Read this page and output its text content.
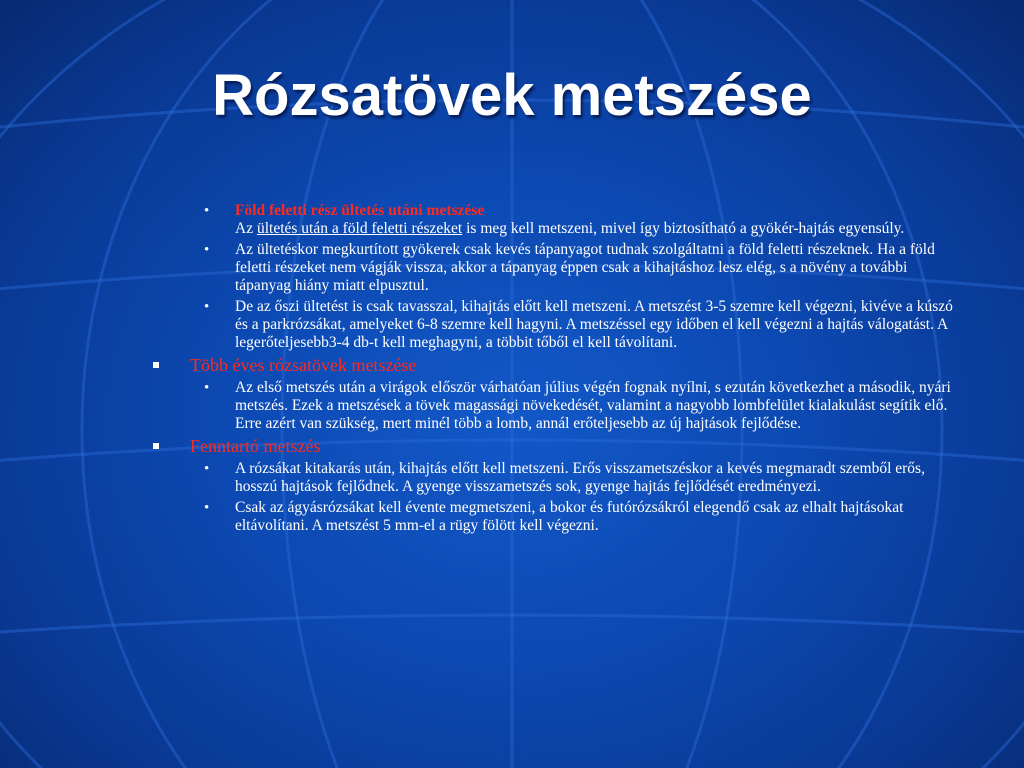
Rózsatövek metszése
• Föld feletti rész ültetés utáni metszése
Az ültetés után a föld feletti részeket is meg kell metszeni, mivel így biztosítható a gyökér-hajtás egyensúly.
• Az ültetéskor megkurtított gyökerek csak kevés tápanyagot tudnak szolgáltatni a föld feletti részeknek. Ha a föld feletti részeket nem vágják vissza, akkor a tápanyag éppen csak a kihajtáshoz lesz elég, s a növény a további tápanyag hiány miatt elpusztul.
• De az őszi ültetést is csak tavasszal, kihajtás előtt kell metszeni. A metszést 3-5 szemre kell végezni, kivéve a kúszó és a parkrózsákat, amelyeket 6-8 szemre kell hagyni. A metszéssel egy időben el kell végezni a hajtás válogatást. A legerőteljesebb3-4 db-t kell meghagyni, a többit tőből el kell távolítani.
Több éves rózsatövek metszése
• Az első metszés után a virágok először várhatóan július végén fognak nyílni, s ezután következhet a második, nyári metszés. Ezek a metszések a tövek magassági növekedését, valamint a nagyobb lombfelület kialakulást segítik elő. Erre azért van szükség, mert minél több a lomb, annál erőteljesebb az új hajtások fejlődése.
Fenntartó metszés
• A rózsákat kitakarás után, kihajtás előtt kell metszeni. Erős visszametszéskor a kevés megmaradt szemből erős, hosszú hajtások fejlődnek. A gyenge visszametszés sok, gyenge hajtás fejlődését eredményezi.
• Csak az ágyásrózsákat kell évente megmetszeni, a bokor és futórózsákról elegendő csak az elhalt hajtásokat eltávolítani. A metszést 5 mm-el a rügy fölött kell végezni.
